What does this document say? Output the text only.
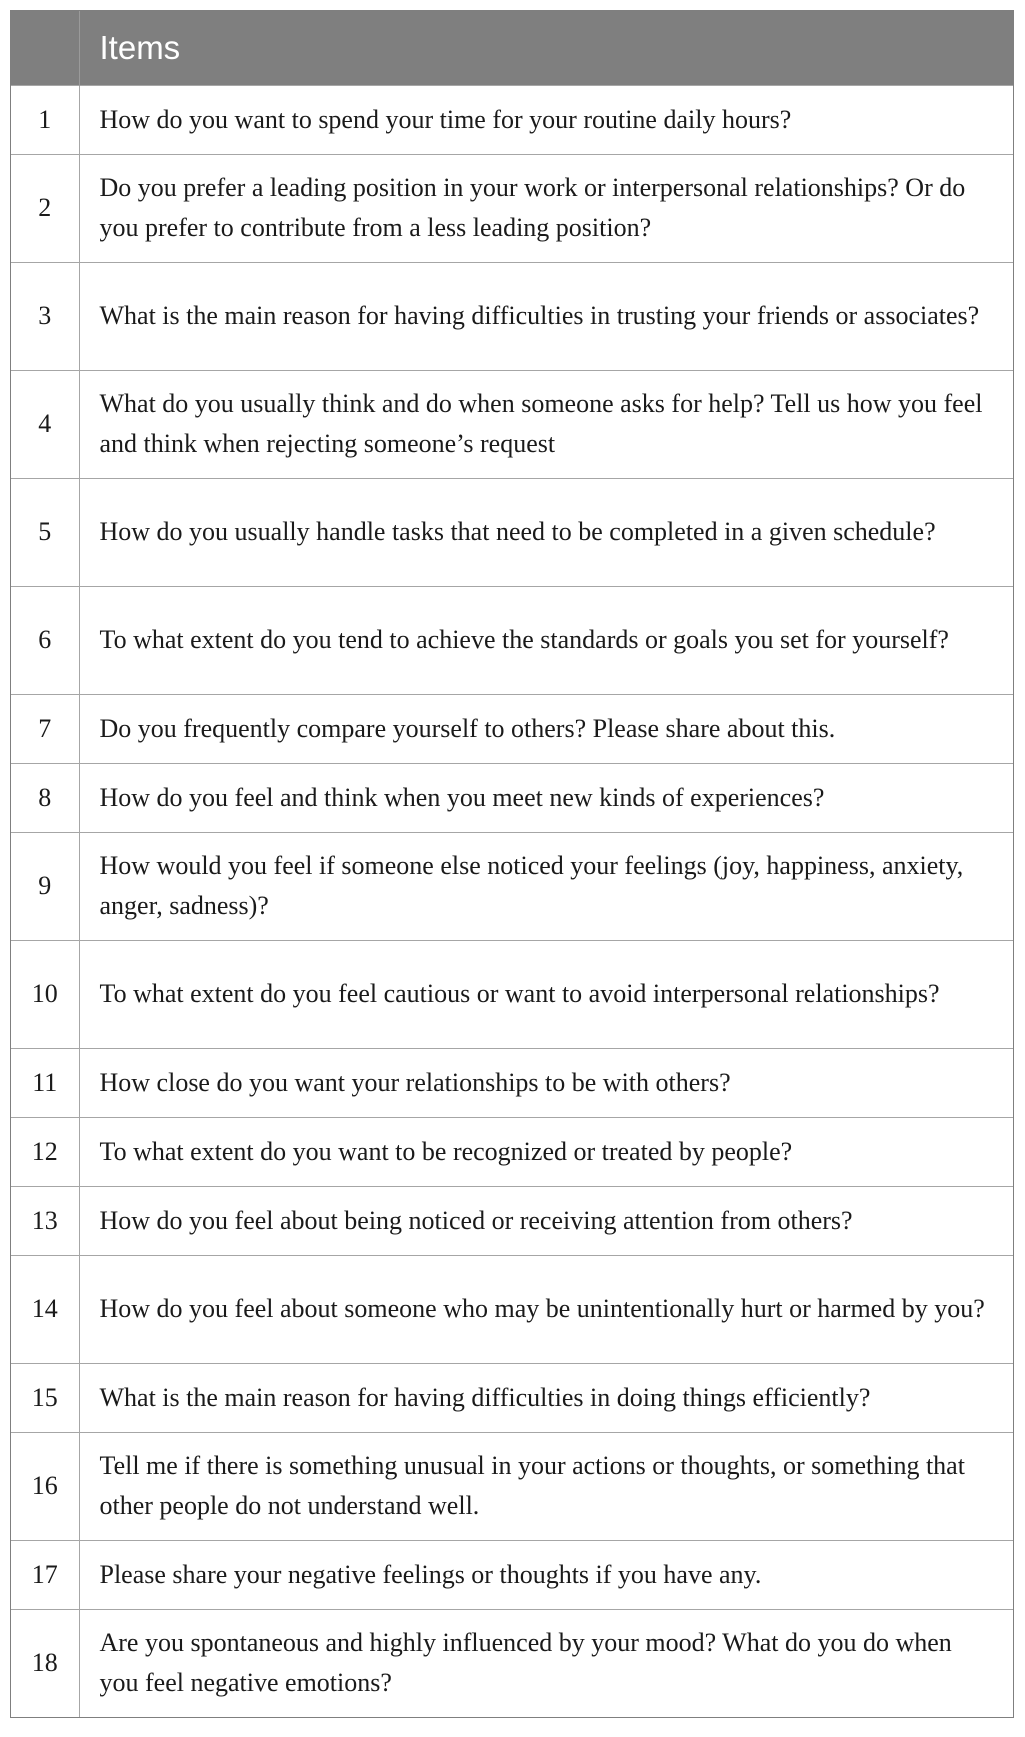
	Items
1	How do you want to spend your time for your routine daily hours?
2	Do you prefer a leading position in your work or interpersonal relationships? Or do you prefer to contribute from a less leading position?
3	What is the main reason for having difficulties in trusting your friends or associates?
4	What do you usually think and do when someone asks for help? Tell us how you feel and think when rejecting someone’s request
5	How do you usually handle tasks that need to be completed in a given schedule?
6	To what extent do you tend to achieve the standards or goals you set for yourself?
7	Do you frequently compare yourself to others? Please share about this.
8	How do you feel and think when you meet new kinds of experiences?
9	How would you feel if someone else noticed your feelings (joy, happiness, anxiety, anger, sadness)?
10	To what extent do you feel cautious or want to avoid interpersonal relationships?
11	How close do you want your relationships to be with others?
12	To what extent do you want to be recognized or treated by people?
13	How do you feel about being noticed or receiving attention from others?
14	How do you feel about someone who may be unintentionally hurt or harmed by you?
15	What is the main reason for having difficulties in doing things efficiently?
16	Tell me if there is something unusual in your actions or thoughts, or something that other people do not understand well.
17	Please share your negative feelings or thoughts if you have any.
18	Are you spontaneous and highly influenced by your mood? What do you do when you feel negative emotions?
